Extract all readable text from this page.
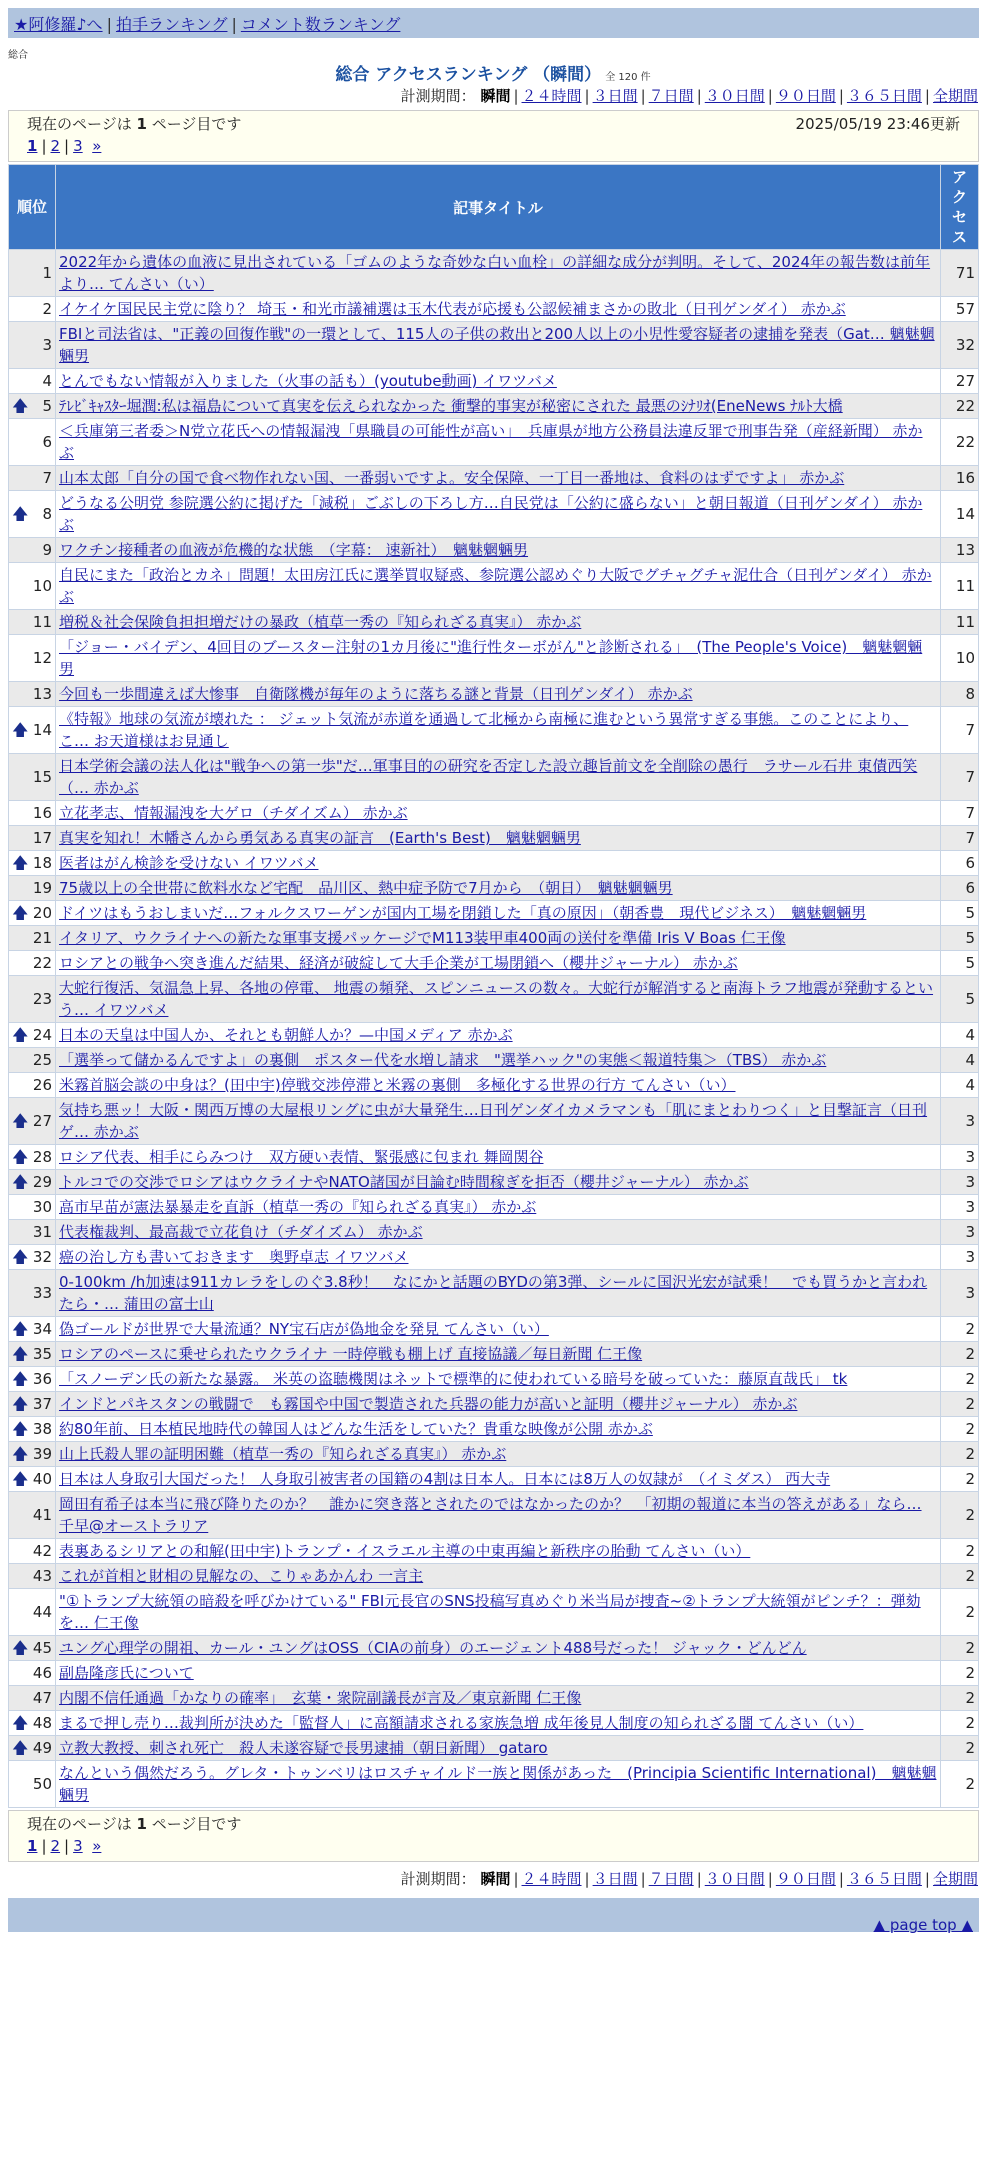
★阿修羅♪へ | 拍手ランキング | コメント数ランキング
総合
総合 アクセスランキング （瞬間） 全 120 件
計測期間： 瞬間 | ２４時間 | ３日間 | ７日間 | ３０日間 | ９０日間 | ３６５日間 | 全期間
現在のページは 1 ページ目です	2025/05/19 23:46更新
1 | 2 | 3 »
順位	記事タイトル	アクセス
1	2022年から遺体の血液に見出されている「ゴムのような奇妙な白い血栓」の詳細な成分が判明。そして、2024年の報告数は前年より… てんさい（い）	71
2	イケイケ国民民主党に陰り？ 埼玉・和光市議補選は玉木代表が応援も公認候補まさかの敗北（日刊ゲンダイ） 赤かぶ	57
3	FBIと司法省は、"正義の回復作戦"の一環として、115人の子供の救出と200人以上の小児性愛容疑者の逮捕を発表（Gat… 魑魅魍魎男	32
4	とんでもない情報が入りました（火事の話も）(youtube動画) イワツバメ	27

🡅 5	ﾃﾚﾋﾞｷｬｽﾀｰ堀潤:私は福島について真実を伝えられなかった 衝撃的事実が秘密にされた 最悪のｼﾅﾘｵ(EneNews ﾅﾙﾄ大橋	22
6	＜兵庫第三者委＞N党立花氏への情報漏洩「県職員の可能性が高い」　兵庫県が地方公務員法違反罪で刑事告発（産経新聞） 赤かぶ	22
7	山本太郎「自分の国で食べ物作れない国、一番弱いですよ。安全保障、一丁目一番地は、食料のはずですよ」 赤かぶ	16

🡅 8	どうなる公明党 参院選公約に掲げた「減税」ごぶしの下ろし方…自民党は「公約に盛らない」と朝日報道（日刊ゲンダイ） 赤かぶ	14
9	ワクチン接種者の血液が危機的な状態　（字幕： 速新社）　魑魅魍魎男	13
10	自民にまた「政治とカネ」問題！太田房江氏に選挙買収疑惑、参院選公認めぐり大阪でグチャグチャ泥仕合（日刊ゲンダイ） 赤かぶ	11
11	増税＆社会保険負担担増だけの暴政（植草一秀の『知られざる真実』） 赤かぶ	11
12	「ジョー・バイデン、4回目のブースター注射の1カ月後に"進行性ターボがん"と診断される」　(The People's Voice)　魑魅魍魎男	10
13	今回も一歩間違えば大惨事　自衛隊機が毎年のように落ちる謎と背景（日刊ゲンダイ） 赤かぶ	8

🡅 14	《特報》地球の気流が壊れた ： ジェット気流が赤道を通過して北極から南極に進むという異常すぎる事態。このことにより、こ… お天道様はお見通し	7
15	日本学術会議の法人化は"戦争への第一歩"だ…軍事目的の研究を否定した設立趣旨前文を全削除の愚行　ラサール石井 東債西笑（… 赤かぶ	7
16	立花孝志、情報漏洩を大ゲロ（チダイズム） 赤かぶ	7
17	真実を知れ！木幡さんから勇気ある真実の証言　(Earth's Best)　魑魅魍魎男	7

🡅 18	医者はがん検診を受けない イワツバメ	6
19	75歳以上の全世帯に飲料水など宅配　品川区、熱中症予防で7月から　（朝日）　魑魅魍魎男	6

🡅 20	ドイツはもうおしまいだ…フォルクスワーゲンが国内工場を閉鎖した「真の原因」（朝香豊　現代ビジネス）　魑魅魍魎男	5
21	イタリア、ウクライナへの新たな軍事支援パッケージでM113装甲車400両の送付を準備 Iris V Boas 仁王像	5
22	ロシアとの戦争へ突き進んだ結果、経済が破綻して大手企業が工場閉鎖へ（櫻井ジャーナル） 赤かぶ	5
23	大蛇行復活、気温急上昇、各地の停電、 地震の頻発、スピンニュースの数々。大蛇行が解消すると南海トラフ地震が発動するという… イワツバメ	5

🡅 24	日本の天皇は中国人か、それとも朝鮮人か？—中国メディア 赤かぶ	4
25	「選挙って儲かるんですよ」の裏側　ポスター代を水増し請求　"選挙ハック"の実態＜報道特集＞（TBS） 赤かぶ	4
26	米霧首脳会談の中身は？(田中宇)停戦交渉停滞と米霧の裏側　多極化する世界の行方 てんさい（い）	4

🡅 27	気持ち悪ッ！大阪・関西万博の大屋根リングに虫が大量発生…日刊ゲンダイカメラマンも「肌にまとわりつく」と目撃証言（日刊ゲ… 赤かぶ	3

🡅 28	ロシア代表、相手にらみつけ　双方硬い表情、緊張感に包まれ 舞岡関谷	3

🡅 29	トルコでの交渉でロシアはウクライナやNATO諸国が目論む時間稼ぎを拒否（櫻井ジャーナル） 赤かぶ	3
30	高市早苗が憲法暴暴走を直訴（植草一秀の『知られざる真実』） 赤かぶ	3
31	代表権裁判、最高裁で立花負け（チダイズム） 赤かぶ	3

🡅 32	癌の治し方も書いておきます　奥野卓志 イワツバメ	3
33	0-100km /h加速は911カレラをしのぐ3.8秒！　なにかと話題のBYDの第3弾、シールに国沢光宏が試乗！　でも買うかと言われたら・… 蒲田の富士山	3

🡅 34	偽ゴールドが世界で大量流通？NY宝石店が偽地金を発見 てんさい（い）	2

🡅 35	ロシアのペースに乗せられたウクライナ 一時停戦も棚上げ 直接協議／毎日新聞 仁王像	2

🡅 36	「スノーデン氏の新たな暴露。 米英の盗聴機関はネットで標準的に使われている暗号を破っていた：藤原直哉氏」 tk	2

🡅 37	インドとパキスタンの戦闘で　も霧国や中国で製造された兵器の能力が高いと証明（櫻井ジャーナル） 赤かぶ	2

🡅 38	約80年前、日本植民地時代の韓国人はどんな生活をしていた？貴重な映像が公開 赤かぶ	2

🡅 39	山上氏殺人罪の証明困難（植草一秀の『知られざる真実』） 赤かぶ	2

🡅 40	日本は人身取引大国だった！ 人身取引被害者の国籍の4割は日本人。日本には8万人の奴隷が　（イミダス） 西大寺	2
41	岡田有希子は本当に飛び降りたのか？　誰かに突き落とされたのではなかったのか？　「初期の報道に本当の答えがある」なら… 千早@オーストラリア	2
42	表裏あるシリアとの和解(田中宇)トランプ・イスラエル主導の中東再編と新秩序の胎動 てんさい（い）	2
43	これが首相と財相の見解なの、こりゃあかんわ 一言主	2
44	"①トランプ大統領の暗殺を呼びかけている" FBI元長官のSNS投稿写真めぐり米当局が捜査~②トランプ大統領がピンチ？：弾劾を… 仁王像	2

🡅 45	ユング心理学の開祖、カール・ユングはOSS（CIAの前身）のエージェント488号だった！ ジャック・どんどん	2
46	副島隆彦氏について	2
47	内閣不信任通過「かなりの確率」　玄葉・衆院副議長が言及／東京新聞 仁王像	2

🡅 48	まるで押し売り…裁判所が決めた「監督人」に高額請求される家族急増 成年後見人制度の知られざる闇 てんさい（い）	2

🡅 49	立教大教授、刺され死亡　殺人未遂容疑で長男逮捕（朝日新聞） gataro	2
50	なんという偶然だろう。グレタ・トゥンベリはロスチャイルド一族と関係があった　(Principia Scientific International)　魑魅魍魎男	2
現在のページは 1 ページ目です
1 | 2 | 3 »
計測期間： 瞬間 | ２４時間 | ３日間 | ７日間 | ３０日間 | ９０日間 | ３６５日間 | 全期間
▲ page top ▲
